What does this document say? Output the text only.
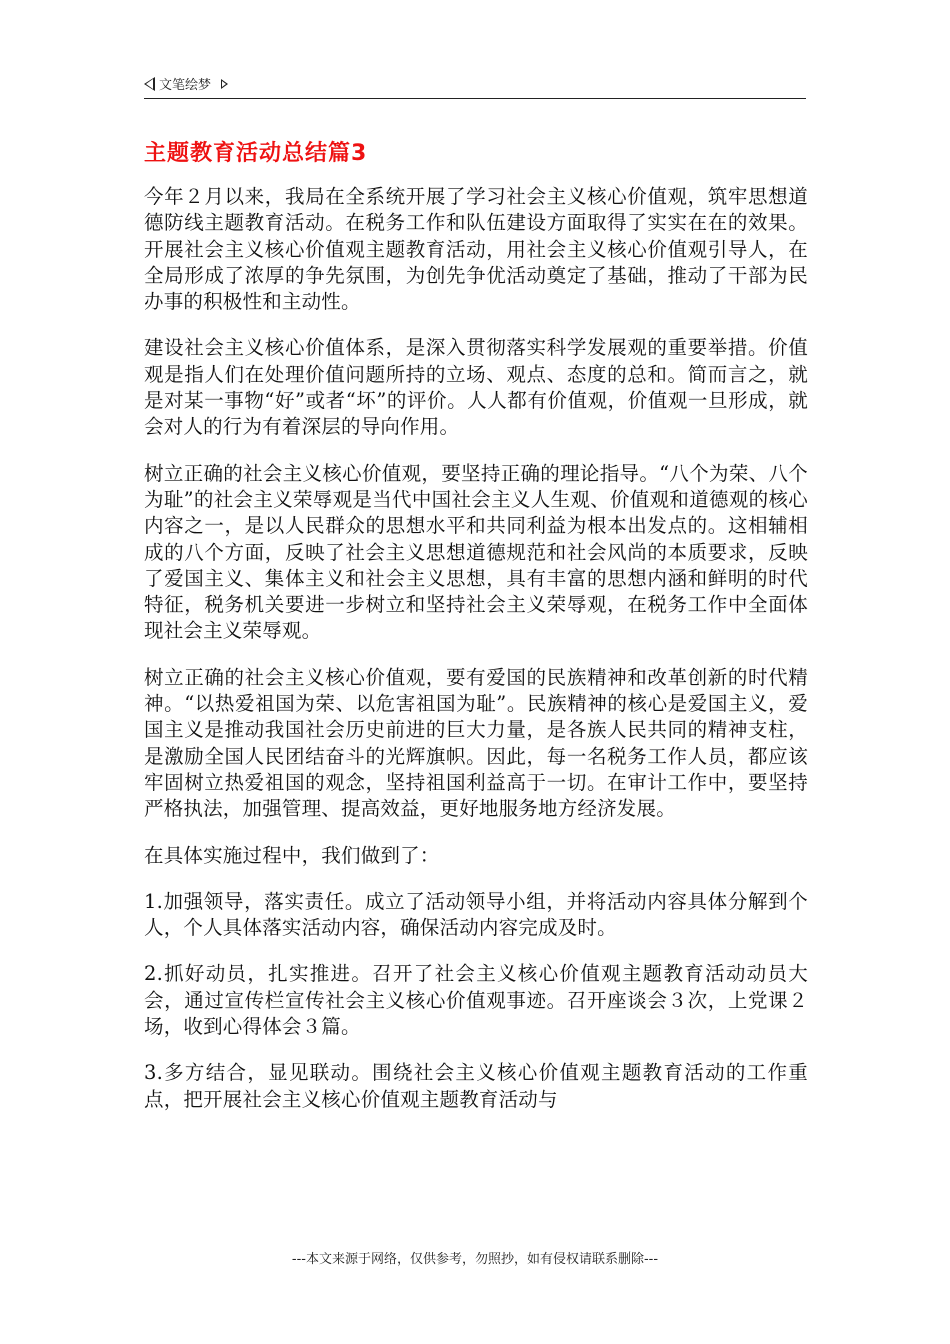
文笔绘梦
主题教育活动总结篇3

今年２月以来，我局在全系统开展了学习社会主义核心价值观，筑牢思想道德防线主题教育活动。在税务工作和队伍建设方面取得了实实在在的效果。开展社会主义核心价值观主题教育活动，用社会主义核心价值观引导人，在全局形成了浓厚的争先氛围，为创先争优活动奠定了基础，推动了干部为民办事的积极性和主动性。

建设社会主义核心价值体系，是深入贯彻落实科学发展观的重要举措。价值观是指人们在处理价值问题所持的立场、观点、态度的总和。简而言之，就是对某一事物“好”或者“坏”的评价。人人都有价值观，价值观一旦形成，就会对人的行为有着深层的导向作用。

树立正确的社会主义核心价值观，要坚持正确的理论指导。“八个为荣、八个为耻”的社会主义荣辱观是当代中国社会主义人生观、价值观和道德观的核心内容之一，是以人民群众的思想水平和共同利益为根本出发点的。这相辅相成的八个方面，反映了社会主义思想道德规范和社会风尚的本质要求，反映了爱国主义、集体主义和社会主义思想，具有丰富的思想内涵和鲜明的时代特征，税务机关要进一步树立和坚持社会主义荣辱观，在税务工作中全面体现社会主义荣辱观。

树立正确的社会主义核心价值观，要有爱国的民族精神和改革创新的时代精神。“以热爱祖国为荣、以危害祖国为耻”。民族精神的核心是爱国主义，爱国主义是推动我国社会历史前进的巨大力量，是各族人民共同的精神支柱，是激励全国人民团结奋斗的光辉旗帜。因此，每一名税务工作人员，都应该牢固树立热爱祖国的观念，坚持祖国利益高于一切。在审计工作中，要坚持严格执法，加强管理、提高效益，更好地服务地方经济发展。

在具体实施过程中，我们做到了：

1.加强领导，落实责任。成立了活动领导小组，并将活动内容具体分解到个人，个人具体落实活动内容，确保活动内容完成及时。

2.抓好动员，扎实推进。召开了社会主义核心价值观主题教育活动动员大会，通过宣传栏宣传社会主义核心价值观事迹。召开座谈会３次，上党课２场，收到心得体会３篇。

3.多方结合，显见联动。围绕社会主义核心价值观主题教育活动的工作重点，把开展社会主义核心价值观主题教育活动与

---本文来源于网络，仅供参考，勿照抄，如有侵权请联系删除---
